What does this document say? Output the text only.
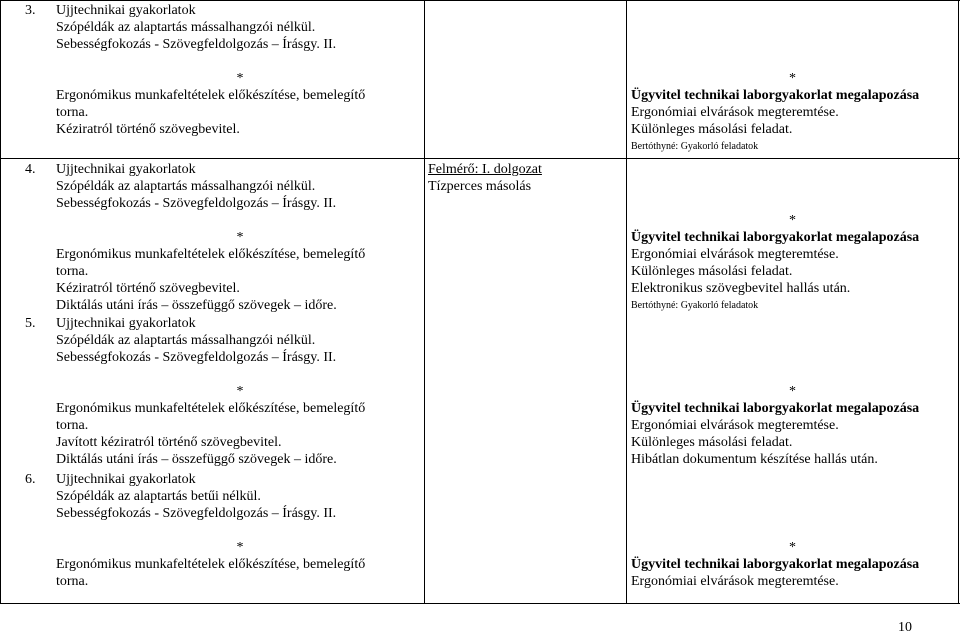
3. Ujjtechnikai gyakorlatok
Szópéldák az alaptartás mássalhangzói nélkül.
Sebességfokozás - Szövegfeldolgozás – Írásgy. II.
*
Ergonómikus munkafeltételek előkészítése, bemelegítő
torna.
Kéziratról történő szövegbevitel.
*
Ügyvitel technikai laborgyakorlat megalapozása
Ergonómiai elvárások megteremtése.
Különleges másolási feladat.
Bertóthyné: Gyakorló feladatok
4. Ujjtechnikai gyakorlatok
Szópéldák az alaptartás mássalhangzói nélkül.
Sebességfokozás - Szövegfeldolgozás – Írásgy. II.
*
Ergonómikus munkafeltételek előkészítése, bemelegítő
torna.
Kéziratról történő szövegbevitel.
Diktálás utáni írás – összefüggő szövegek – időre.
Felmérő: I. dolgozat
Tízperces másolás
*
Ügyvitel technikai laborgyakorlat megalapozása
Ergonómiai elvárások megteremtése.
Különleges másolási feladat.
Elektronikus szövegbevitel hallás után.
Bertóthyné: Gyakorló feladatok
5. Ujjtechnikai gyakorlatok
Szópéldák az alaptartás mássalhangzói nélkül.
Sebességfokozás - Szövegfeldolgozás – Írásgy. II.
*
Ergonómikus munkafeltételek előkészítése, bemelegítő
torna.
Javított kéziratról történő szövegbevitel.
Diktálás utáni írás – összefüggő szövegek – időre.
*
Ügyvitel technikai laborgyakorlat megalapozása
Ergonómiai elvárások megteremtése.
Különleges másolási feladat.
Hibátlan dokumentum készítése hallás után.
6. Ujjtechnikai gyakorlatok
Szópéldák az alaptartás betűi nélkül.
Sebességfokozás - Szövegfeldolgozás – Írásgy. II.
*
Ergonómikus munkafeltételek előkészítése, bemelegítő
torna.
*
Ügyvitel technikai laborgyakorlat megalapozása
Ergonómiai elvárások megteremtése.
10
